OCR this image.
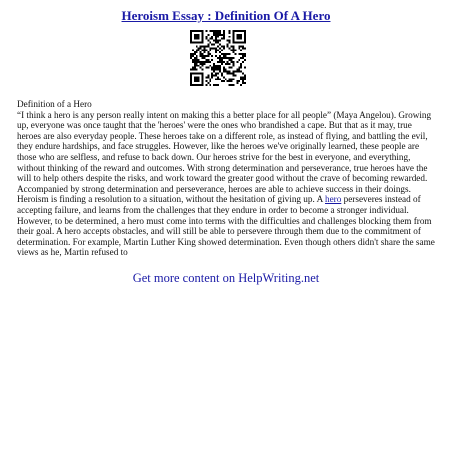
Heroism Essay : Definition Of A Hero
Definition of a Hero

“I think a hero is any person really intent on making this a better place for all people” (Maya Angelou). Growing up, everyone was once taught that the 'heroes' were the ones who brandished a cape. But that as it may, true heroes are also everyday people. These heroes take on a different role, as instead of flying, and battling the evil, they endure hardships, and face struggles. However, like the heroes we've originally learned, these people are those who are selfless, and refuse to back down. Our heroes strive for the best in everyone, and everything, without thinking of the reward and outcomes. With strong determination and perseverance, true heroes have the will to help others despite the risks, and work toward the greater good without the crave of becoming rewarded. Accompanied by strong determination and perseverance, heroes are able to achieve success in their doings. Heroism is finding a resolution to a situation, without the hesitation of giving up. A hero perseveres instead of accepting failure, and learns from the challenges that they endure in order to become a stronger individual. However, to be determined, a hero must come into terms with the difficulties and challenges blocking them from their goal. A hero accepts obstacles, and will still be able to persevere through them due to the commitment of determination. For example, Martin Luther King showed determination. Even though others didn't share the same views as he, Martin refused to

Get more content on HelpWriting.net
